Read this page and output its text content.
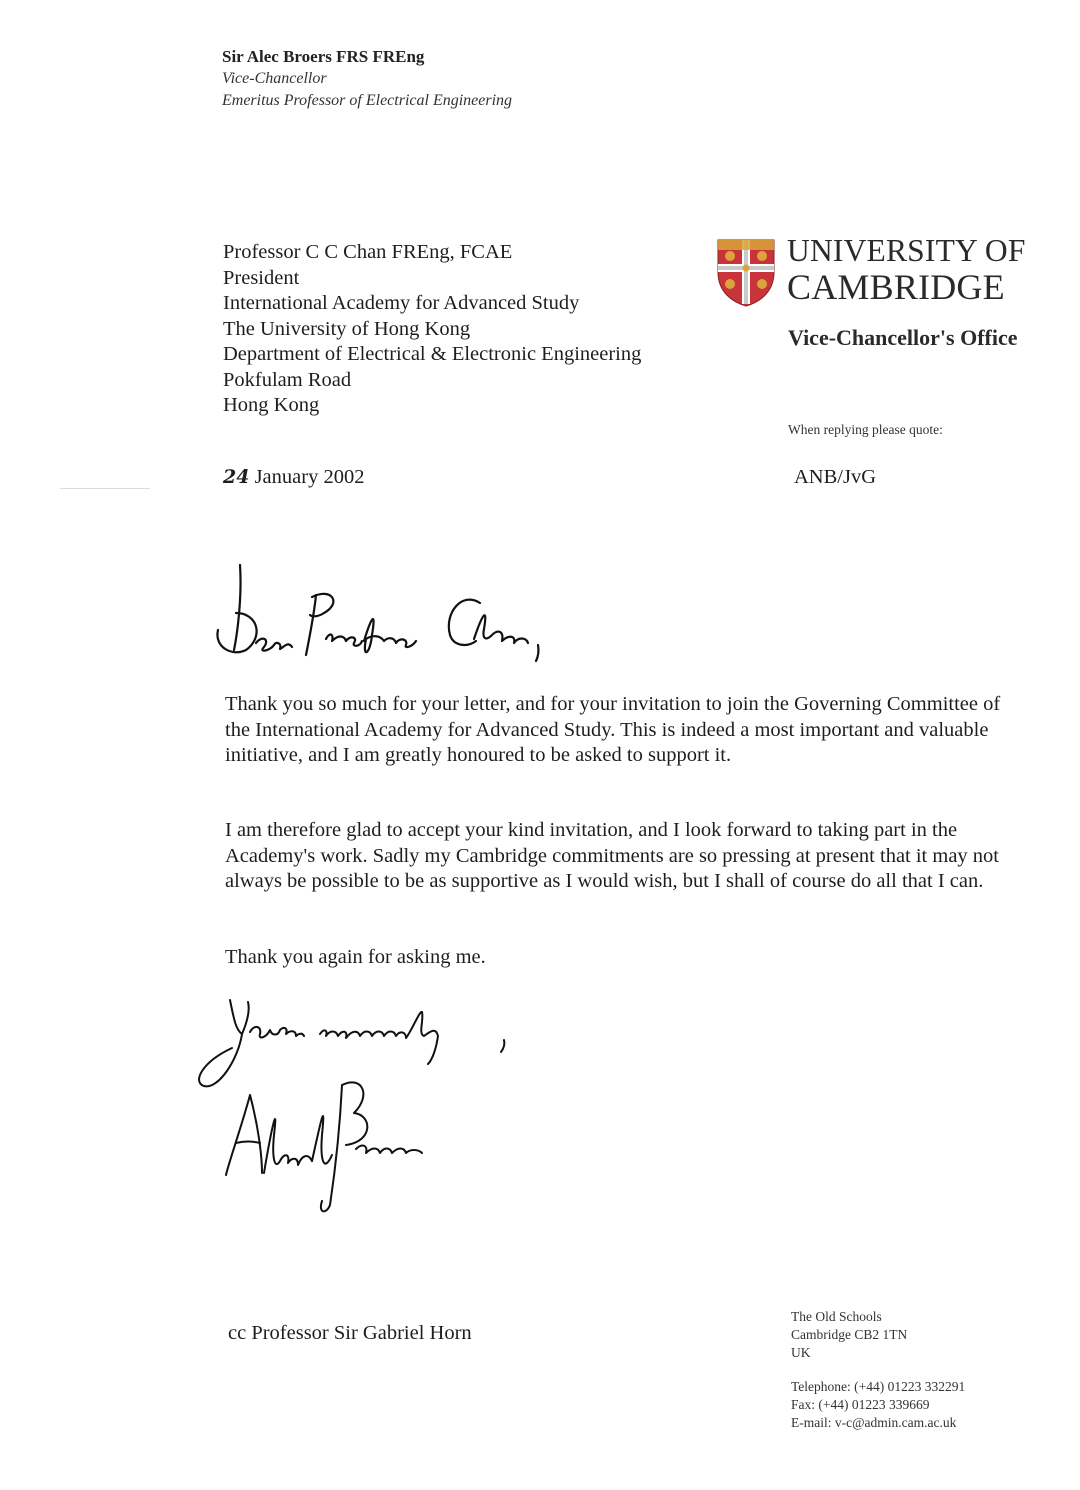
Sir Alec Broers FRS FREng
Vice-Chancellor
Emeritus Professor of Electrical Engineering
Professor C C Chan FREng, FCAE
President
International Academy for Advanced Study
The University of Hong Kong
Department of Electrical & Electronic Engineering
Pokfulam Road
Hong Kong
UNIVERSITY OF
CAMBRIDGE
Vice-Chancellor's Office
When replying please quote:
ANB/JvG
24 January 2002
Thank you so much for your letter, and for your invitation to join the Governing Committee of the International Academy for Advanced Study. This is indeed a most important and valuable initiative, and I am greatly honoured to be asked to support it.
I am therefore glad to accept your kind invitation, and I look forward to taking part in the Academy's work. Sadly my Cambridge commitments are so pressing at present that it may not always be possible to be as supportive as I would wish, but I shall of course do all that I can.
Thank you again for asking me.
cc Professor Sir Gabriel Horn
The Old Schools
Cambridge CB2 1TN
UK
Telephone: (+44) 01223 332291
Fax: (+44) 01223 339669
E-mail: v-c@admin.cam.ac.uk
